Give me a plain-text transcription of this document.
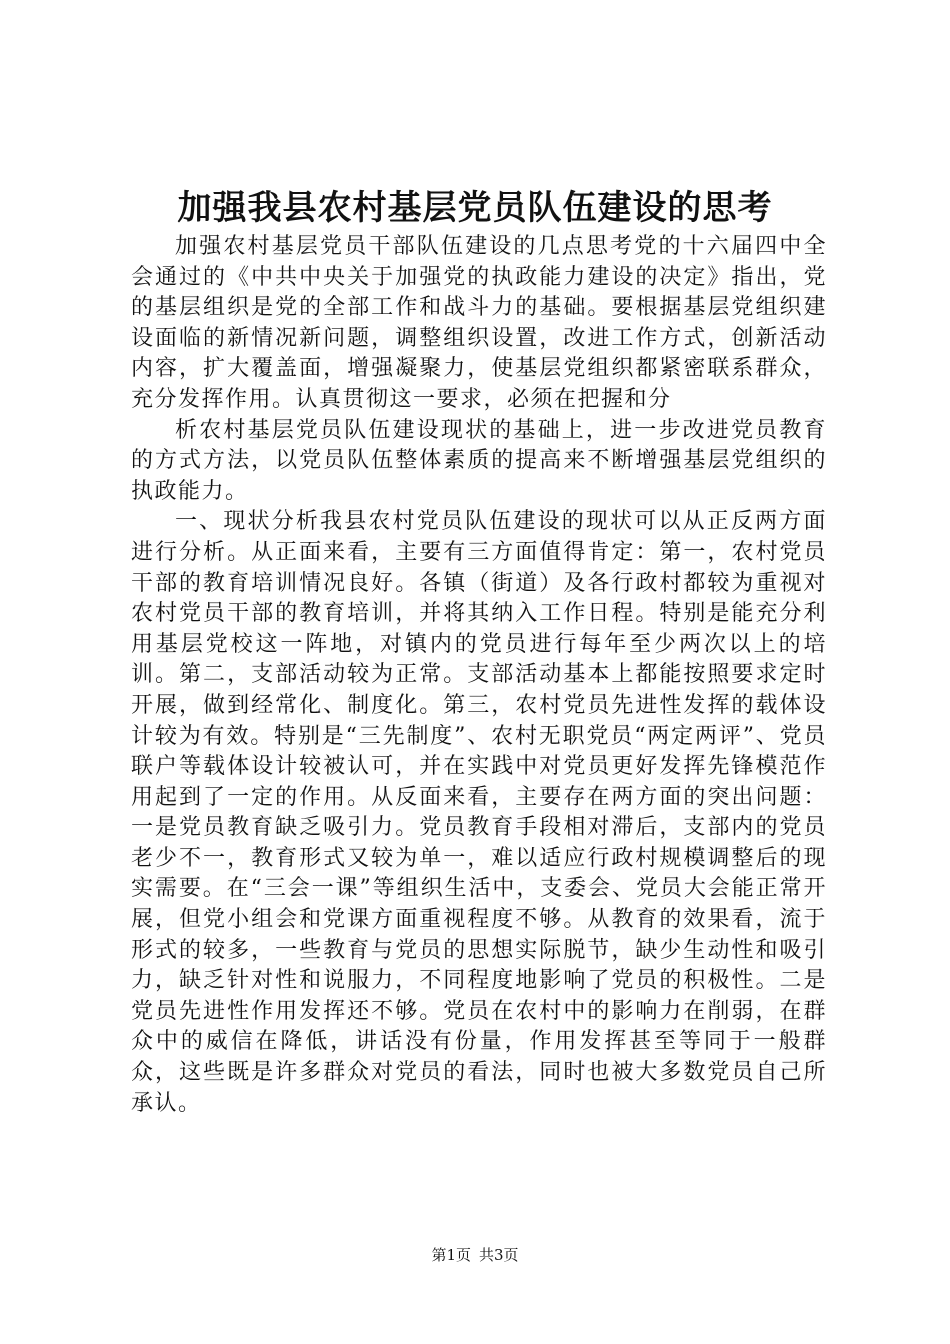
加强我县农村基层党员队伍建设的思考

加强农村基层党员干部队伍建设的几点思考党的十六届四中全会通过的《中共中央关于加强党的执政能力建设的决定》指出，党的基层组织是党的全部工作和战斗力的基础。要根据基层党组织建设面临的新情况新问题，调整组织设置，改进工作方式，创新活动内容，扩大覆盖面，增强凝聚力，使基层党组织都紧密联系群众，充分发挥作用。认真贯彻这一要求，必须在把握和分

析农村基层党员队伍建设现状的基础上，进一步改进党员教育的方式方法，以党员队伍整体素质的提高来不断增强基层党组织的执政能力。

一、现状分析我县农村党员队伍建设的现状可以从正反两方面进行分析。从正面来看，主要有三方面值得肯定：第一，农村党员干部的教育培训情况良好。各镇（街道）及各行政村都较为重视对农村党员干部的教育培训，并将其纳入工作日程。特别是能充分利用基层党校这一阵地，对镇内的党员进行每年至少两次以上的培训。第二，支部活动较为正常。支部活动基本上都能按照要求定时开展，做到经常化、制度化。第三，农村党员先进性发挥的载体设计较为有效。特别是“三先制度”、农村无职党员“两定两评”、党员联户等载体设计较被认可，并在实践中对党员更好发挥先锋模范作用起到了一定的作用。从反面来看，主要存在两方面的突出问题：一是党员教育缺乏吸引力。党员教育手段相对滞后，支部内的党员老少不一，教育形式又较为单一，难以适应行政村规模调整后的现实需要。在“三会一课”等组织生活中，支委会、党员大会能正常开展，但党小组会和党课方面重视程度不够。从教育的效果看，流于形式的较多，一些教育与党员的思想实际脱节，缺少生动性和吸引力，缺乏针对性和说服力，不同程度地影响了党员的积极性。二是党员先进性作用发挥还不够。党员在农村中的影响力在削弱，在群众中的威信在降低，讲话没有份量，作用发挥甚至等同于一般群众，这些既是许多群众对党员的看法，同时也被大多数党员自己所承认。

第1页 共3页
